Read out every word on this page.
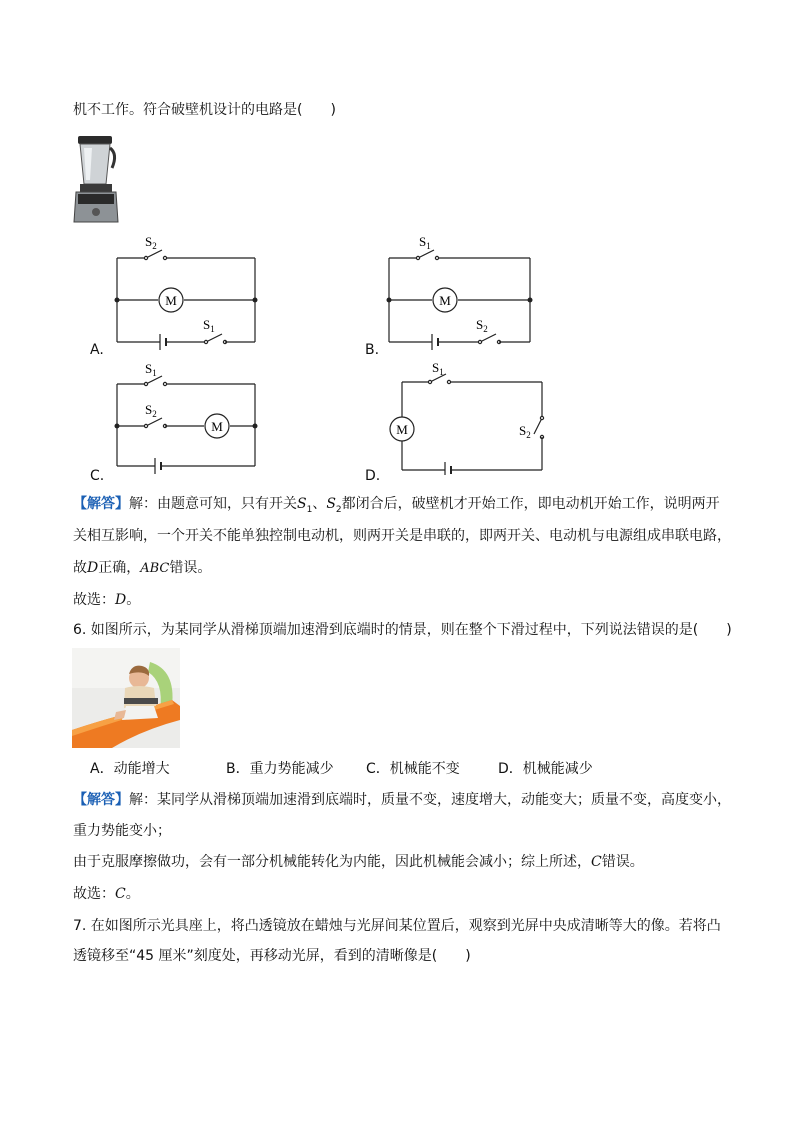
机不工作。符合破壁机设计的电路是(　　)
M
$S_2$
$S_1$
A.
M
$S_1$
$S_2$
B.
M
$S_1$
$S_2$
C.
M
$S_1$
$S_2$
D.
【解答】解：由题意可知，只有开关$S_1$、$S_2$都闭合后，破壁机才开始工作，即电动机开始工作，说明两开
关相互影响，一个开关不能单独控制电动机，则两开关是串联的，即两开关、电动机与电源组成串联电路，
故D正确，ABC错误。
故选：D。
6. 如图所示，为某同学从滑梯顶端加速滑到底端时的情景，则在整个下滑过程中，下列说法错误的是(　　)
A．动能增大	B．重力势能减少 C．机械能不变	D．机械能减少
【解答】解：某同学从滑梯顶端加速滑到底端时，质量不变，速度增大，动能变大；质量不变，高度变小，
重力势能变小；
由于克服摩擦做功，会有一部分机械能转化为内能，因此机械能会减小；综上所述，C错误。
故选：C。
7. 在如图所示光具座上，将凸透镜放在蜡烛与光屏间某位置后，观察到光屏中央成清晰等大的像。若将凸
透镜移至“45 厘米”刻度处，再移动光屏，看到的清晰像是(　　)
